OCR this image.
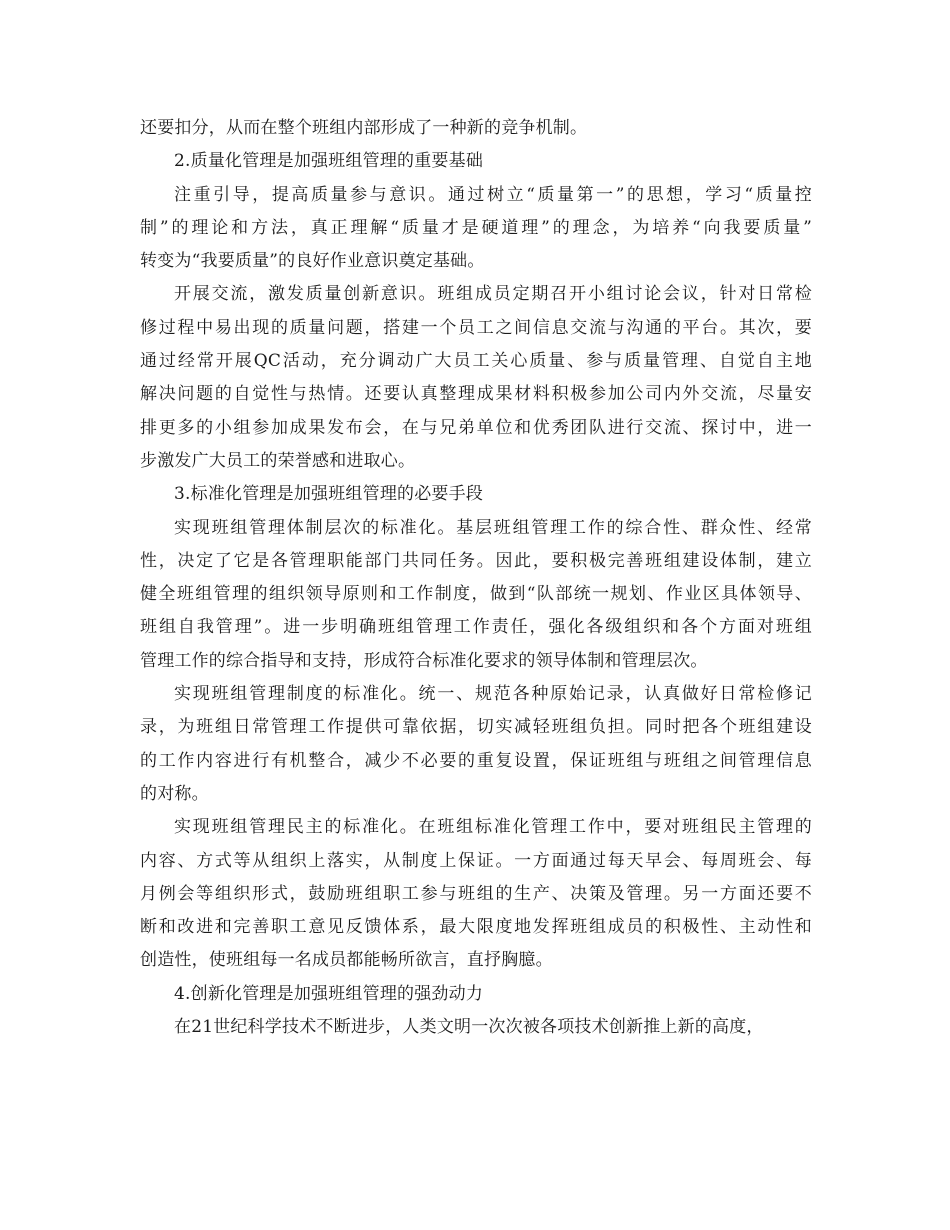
还要扣分，从而在整个班组内部形成了一种新的竞争机制。

2.质量化管理是加强班组管理的重要基础

注重引导，提高质量参与意识。通过树立“质量第一”的思想，学习“质量控
制”的理论和方法，真正理解“质量才是硬道理”的理念，为培养“向我要质量”
转变为“我要质量”的良好作业意识奠定基础。

开展交流，激发质量创新意识。班组成员定期召开小组讨论会议，针对日常检
修过程中易出现的质量问题，搭建一个员工之间信息交流与沟通的平台。其次，要
通过经常开展QC活动，充分调动广大员工关心质量、参与质量管理、自觉自主地
解决问题的自觉性与热情。还要认真整理成果材料积极参加公司内外交流，尽量安
排更多的小组参加成果发布会，在与兄弟单位和优秀团队进行交流、探讨中，进一
步激发广大员工的荣誉感和进取心。

3.标准化管理是加强班组管理的必要手段

实现班组管理体制层次的标准化。基层班组管理工作的综合性、群众性、经常
性，决定了它是各管理职能部门共同任务。因此，要积极完善班组建设体制，建立
健全班组管理的组织领导原则和工作制度，做到“队部统一规划、作业区具体领导、
班组自我管理”。进一步明确班组管理工作责任，强化各级组织和各个方面对班组
管理工作的综合指导和支持，形成符合标准化要求的领导体制和管理层次。

实现班组管理制度的标准化。统一、规范各种原始记录，认真做好日常检修记
录，为班组日常管理工作提供可靠依据，切实减轻班组负担。同时把各个班组建设
的工作内容进行有机整合，减少不必要的重复设置，保证班组与班组之间管理信息
的对称。

实现班组管理民主的标准化。在班组标准化管理工作中，要对班组民主管理的
内容、方式等从组织上落实，从制度上保证。一方面通过每天早会、每周班会、每
月例会等组织形式，鼓励班组职工参与班组的生产、决策及管理。另一方面还要不
断和改进和完善职工意见反馈体系，最大限度地发挥班组成员的积极性、主动性和
创造性，使班组每一名成员都能畅所欲言，直抒胸臆。

4.创新化管理是加强班组管理的强劲动力

在21世纪科学技术不断进步，人类文明一次次被各项技术创新推上新的高度，
